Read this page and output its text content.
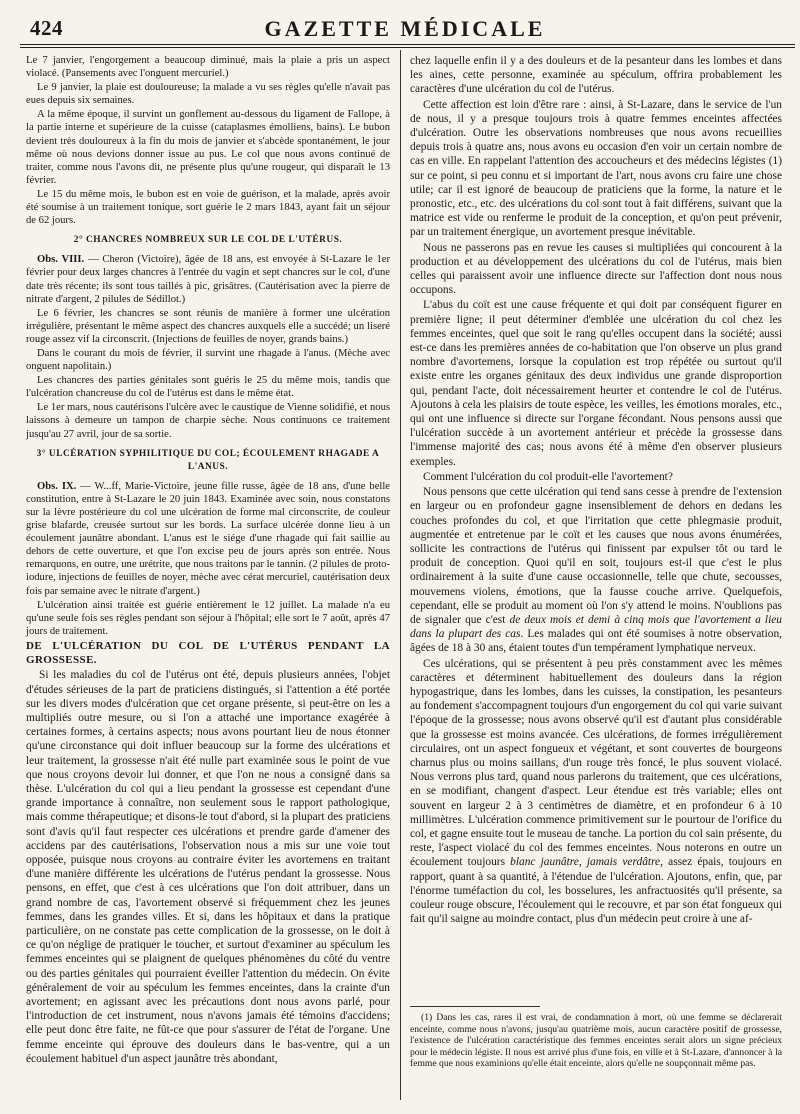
424	GAZETTE MÉDICALE

Le 7 janvier, l'engorgement a beaucoup diminué, mais la plaie a pris un aspect violacé. (Pansements avec l'onguent mercuriel.)

Le 9 janvier, la plaie est douloureuse; la malade a vu ses règles qu'elle n'avait pas eues depuis six semaines.

A la même époque, il survint un gonflement au-dessous du ligament de Fallope, à la partie interne et supérieure de la cuisse (cataplasmes émolliens, bains). Le bubon devient très douloureux à la fin du mois de janvier et s'abcède spontanément, le jour même où nous devions donner issue au pus. Le col que nous avons continué de traiter, comme nous l'avons dit, ne présente plus qu'une rougeur, qui disparaît le 13 février.

Le 15 du même mois, le bubon est en voie de guérison, et la malade, après avoir été soumise à un traitement tonique, sort guérie le 2 mars 1843, ayant fait un séjour de 62 jours.

2° CHANCRES NOMBREUX SUR LE COL DE L'UTÉRUS.

Obs. VIII. — Cheron (Victoire), âgée de 18 ans, est envoyée à St-Lazare le 1er février pour deux larges chancres à l'entrée du vagin et sept chancres sur le col, d'une date très récente; ils sont tous taillés à pic, grisâtres. (Cautérisation avec la pierre de nitrate d'argent, 2 pilules de Sédillot.)

Le 6 février, les chancres se sont réunis de manière à former une ulcération irrégulière, présentant le même aspect des chancres auxquels elle a succédé; un liseré rouge assez vif la circonscrit. (Injections de feuilles de noyer, grands bains.)

Dans le courant du mois de février, il survint une rhagade à l'anus. (Mèche avec onguent napolitain.)

Les chancres des parties génitales sont guéris le 25 du même mois, tandis que l'ulcération chancreuse du col de l'utérus est dans le même état.

Le 1er mars, nous cautérisons l'ulcère avec le caustique de Vienne solidifié, et nous laissons à demeure un tampon de charpie sèche. Nous continuons ce traitement jusqu'au 27 avril, jour de sa sortie.

3° ULCÉRATION SYPHILITIQUE DU COL; ÉCOULEMENT RHAGADE A L'ANUS.

Obs. IX. — W...ff, Marie-Victoire, jeune fille russe, âgée de 18 ans, d'une belle constitution, entre à St-Lazare le 20 juin 1843. Examinée avec soin, nous constatons sur la lèvre postérieure du col une ulcération de forme mal circonscrite, de couleur grise blafarde, creusée surtout sur les bords. La surface ulcérée donne lieu à un écoulement jaunâtre abondant. L'anus est le siége d'une rhagade qui fait saillie au dehors de cette ouverture, et que l'on excise peu de jours après son entrée. Nous remarquons, en outre, une urétrite, que nous traitons par le tannin. (2 pilules de proto-iodure, injections de feuilles de noyer, mèche avec cérat mercuriel, cautérisation deux fois par semaine avec le nitrate d'argent.)

L'ulcération ainsi traitée est guérie entièrement le 12 juillet. La malade n'a eu qu'une seule fois ses règles pendant son séjour à l'hôpital; elle sort le 7 août, après 47 jours de traitement.

DE L'ULCÉRATION DU COL DE L'UTÉRUS PENDANT LA GROSSESSE.

Si les maladies du col de l'utérus ont été, depuis plusieurs années, l'objet d'études sérieuses de la part de praticiens distingués, si l'attention a été portée sur les divers modes d'ulcération que cet organe présente, si peut-être on les a multipliés outre mesure, ou si l'on a attaché une importance exagérée à certaines formes, à certains aspects; nous avons pourtant lieu de nous étonner qu'une circonstance qui doit influer beaucoup sur la forme des ulcérations et leur traitement, la grossesse n'ait été nulle part examinée sous le point de vue que nous croyons devoir lui donner, et que l'on ne nous a consigné dans sa thèse. L'ulcération du col qui a lieu pendant la grossesse est cependant d'une grande importance à connaître, non seulement sous le rapport pathologique, mais comme thérapeutique; et disons-le tout d'abord, si la plupart des praticiens sont d'avis qu'il faut respecter ces ulcérations et prendre garde d'amener des accidens par des cautérisations, l'observation nous a mis sur une voie tout opposée, puisque nous croyons au contraire éviter les avortemens en traitant d'une manière différente les ulcérations de l'utérus pendant la grossesse. Nous pensons, en effet, que c'est à ces ulcérations que l'on doit attribuer, dans un grand nombre de cas, l'avortement observé si fréquemment chez les jeunes femmes, dans les grandes villes. Et si, dans les hôpitaux et dans la pratique particulière, on ne constate pas cette complication de la grossesse, on le doit à ce qu'on néglige de pratiquer le toucher, et surtout d'examiner au spéculum les femmes enceintes qui se plaignent de quelques phénomènes du côté du ventre ou des parties génitales qui pourraient éveiller l'attention du médecin. On évite généralement de voir au spéculum les femmes enceintes, dans la crainte d'un avortement; en agissant avec les précautions dont nous avons parlé, pour l'introduction de cet instrument, nous n'avons jamais été témoins d'accidens; elle peut donc être faite, ne fût-ce que pour s'assurer de l'état de l'organe. Une femme enceinte qui éprouve des douleurs dans le bas-ventre, qui a un écoulement habituel d'un aspect jaunâtre très abondant,

chez laquelle enfin il y a des douleurs et de la pesanteur dans les lombes et dans les aines, cette personne, examinée au spéculum, offrira probablement les caractères d'une ulcération du col de l'utérus.

Cette affection est loin d'être rare : ainsi, à St-Lazare, dans le service de l'un de nous, il y a presque toujours trois à quatre femmes enceintes affectées d'ulcération. Outre les observations nombreuses que nous avons recueillies depuis trois à quatre ans, nous avons eu occasion d'en voir un certain nombre de cas en ville. En rappelant l'attention des accoucheurs et des médecins légistes (1) sur ce point, si peu connu et si important de l'art, nous avons cru faire une chose utile; car il est ignoré de beaucoup de praticiens que la forme, la nature et le pronostic, etc., etc. des ulcérations du col sont tout à fait différens, suivant que la matrice est vide ou renferme le produit de la conception, et qu'on peut prévenir, par un traitement énergique, un avortement presque inévitable.

Nous ne passerons pas en revue les causes si multipliées qui concourent à la production et au développement des ulcérations du col de l'utérus, mais bien celles qui paraissent avoir une influence directe sur l'affection dont nous nous occupons.

L'abus du coït est une cause fréquente et qui doit par conséquent figurer en première ligne; il peut déterminer d'emblée une ulcération du col chez les femmes enceintes, quel que soit le rang qu'elles occupent dans la société; aussi est-ce dans les premières années de co-habitation que l'on observe un plus grand nombre d'avortemens, lorsque la copulation est trop répétée ou surtout qu'il existe entre les organes génitaux des deux individus une grande disproportion qui, pendant l'acte, doit nécessairement heurter et contendre le col de l'utérus. Ajoutons à cela les plaisirs de toute espèce, les veilles, les émotions morales, etc., qui ont une influence si directe sur l'organe fécondant. Nous pensons aussi que l'ulcération succède à un avortement antérieur et précède la grossesse dans l'immense majorité des cas; nous avons été à même d'en observer plusieurs exemples.

Comment l'ulcération du col produit-elle l'avortement?

Nous pensons que cette ulcération qui tend sans cesse à prendre de l'extension en largeur ou en profondeur gagne insensiblement de dehors en dedans les couches profondes du col, et que l'irritation que cette phlegmasie produit, augmentée et entretenue par le coït et les causes que nous avons énumérées, sollicite les contractions de l'utérus qui finissent par expulser tôt ou tard le produit de conception. Quoi qu'il en soit, toujours est-il que c'est le plus ordinairement à la suite d'une cause occasionnelle, telle que chute, secousses, mouvemens violens, émotions, que la fausse couche arrive. Quelquefois, cependant, elle se produit au moment où l'on s'y attend le moins. N'oublions pas de signaler que c'est de deux mois et demi à cinq mois que l'avortement a lieu dans la plupart des cas. Les malades qui ont été soumises à notre observation, âgées de 18 à 30 ans, étaient toutes d'un tempérament lymphatique nerveux.

Ces ulcérations, qui se présentent à peu près constamment avec les mêmes caractères et déterminent habituellement des douleurs dans la région hypogastrique, dans les lombes, dans les cuisses, la constipation, les pesanteurs au fondement s'accompagnent toujours d'un engorgement du col qui varie suivant l'époque de la grossesse; nous avons observé qu'il est d'autant plus considérable que la grossesse est moins avancée. Ces ulcérations, de formes irrégulièrement circulaires, ont un aspect fongueux et végétant, et sont couvertes de bourgeons charnus plus ou moins saillans, d'un rouge très foncé, le plus souvent violacé. Nous verrons plus tard, quand nous parlerons du traitement, que ces ulcérations, en se modifiant, changent d'aspect. Leur étendue est très variable; elles ont souvent en largeur 2 à 3 centimètres de diamètre, et en profondeur 6 à 10 millimètres. L'ulcération commence primitivement sur le pourtour de l'orifice du col, et gagne ensuite tout le museau de tanche. La portion du col sain présente, du reste, l'aspect violacé du col des femmes enceintes. Nous noterons en outre un écoulement toujours blanc jaunâtre, jamais verdâtre, assez épais, toujours en rapport, quant à sa quantité, à l'étendue de l'ulcération. Ajoutons, enfin, que, par l'énorme tuméfaction du col, les bosselures, les anfractuosités qu'il présente, sa couleur rouge obscure, l'écoulement qui le recouvre, et par son état fongueux qui fait qu'il saigne au moindre contact, plus d'un médecin peut croire à une af-

(1) Dans les cas, rares il est vrai, de condamnation à mort, où une femme se déclarerait enceinte, comme nous n'avons, jusqu'au quatrième mois, aucun caractère positif de grossesse, l'existence de l'ulcération caractéristique des femmes enceintes serait alors un signe précieux pour le médecin légiste. Il nous est arrivé plus d'une fois, en ville et à St-Lazare, d'annoncer à la femme que nous examinions qu'elle était enceinte, alors qu'elle ne soupçonnait même pas.
